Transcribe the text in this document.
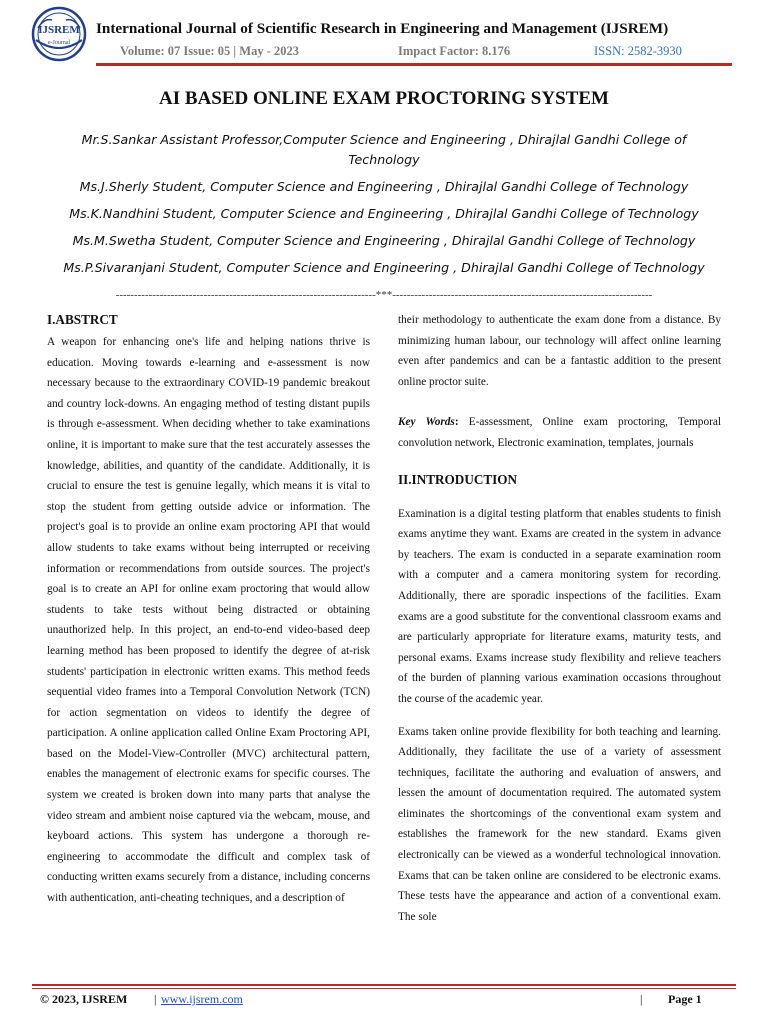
IJSREM
e-Journal
International Journal of Scientific Research in Engineering and Management (IJSREM)
Volume: 07 Issue: 05 | May - 2023	Impact Factor: 8.176	ISSN: 2582-3930
AI BASED ONLINE EXAM PROCTORING SYSTEM
Mr.S.Sankar Assistant Professor,Computer Science and Engineering , Dhirajlal Gandhi College of
Technology
Ms.J.Sherly Student, Computer Science and Engineering , Dhirajlal Gandhi College of Technology
Ms.K.Nandhini Student, Computer Science and Engineering , Dhirajlal Gandhi College of Technology
Ms.M.Swetha Student, Computer Science and Engineering , Dhirajlal Gandhi College of Technology
Ms.P.Sivaranjani Student, Computer Science and Engineering , Dhirajlal Gandhi College of Technology
-----------------------------------------------------------------------***-----------------------------------------------------------------------
I.ABSTRCT

A weapon for enhancing one's life and helping nations thrive is education. Moving towards e-learning and e-assessment is now necessary because to the extraordinary COVID-19 pandemic breakout and country lock-downs. An engaging method of testing distant pupils is through e-assessment. When deciding whether to take examinations online, it is important to make sure that the test accurately assesses the knowledge, abilities, and quantity of the candidate. Additionally, it is crucial to ensure the test is genuine legally, which means it is vital to stop the student from getting outside advice or information. The project's goal is to provide an online exam proctoring API that would allow students to take exams without being interrupted or receiving information or recommendations from outside sources. The project's goal is to create an API for online exam proctoring that would allow students to take tests without being distracted or obtaining unauthorized help. In this project, an end-to-end video-based deep learning method has been proposed to identify the degree of at-risk students' participation in electronic written exams. This method feeds sequential video frames into a Temporal Convolution Network (TCN) for action segmentation on videos to identify the degree of participation. A online application called Online Exam Proctoring API, based on the Model-View-Controller (MVC) architectural pattern, enables the management of electronic exams for specific courses. The system we created is broken down into many parts that analyse the video stream and ambient noise captured via the webcam, mouse, and keyboard actions. This system has undergone a thorough re-engineering to accommodate the difficult and complex task of conducting written exams securely from a distance, including concerns with authentication, anti-cheating techniques, and a description of

their methodology to authenticate the exam done from a distance. By minimizing human labour, our technology will affect online learning even after pandemics and can be a fantastic addition to the present online proctor suite.

Key Words: E-assessment, Online exam proctoring, Temporal convolution network, Electronic examination, templates, journals

II.INTRODUCTION

Examination is a digital testing platform that enables students to finish exams anytime they want. Exams are created in the system in advance by teachers. The exam is conducted in a separate examination room with a computer and a camera monitoring system for recording. Additionally, there are sporadic inspections of the facilities. Exam exams are a good substitute for the conventional classroom exams and are particularly appropriate for literature exams, maturity tests, and personal exams. Exams increase study flexibility and relieve teachers of the burden of planning various examination occasions throughout the course of the academic year.

Exams taken online provide flexibility for both teaching and learning. Additionally, they facilitate the use of a variety of assessment techniques, facilitate the authoring and evaluation of answers, and lessen the amount of documentation required. The automated system eliminates the shortcomings of the conventional exam system and establishes the framework for the new standard. Exams given electronically can be viewed as a wonderful technological innovation. Exams that can be taken online are considered to be electronic exams. These tests have the appearance and action of a conventional exam. The sole

© 2023, IJSREM | www.ijsrem.com	| Page 1
